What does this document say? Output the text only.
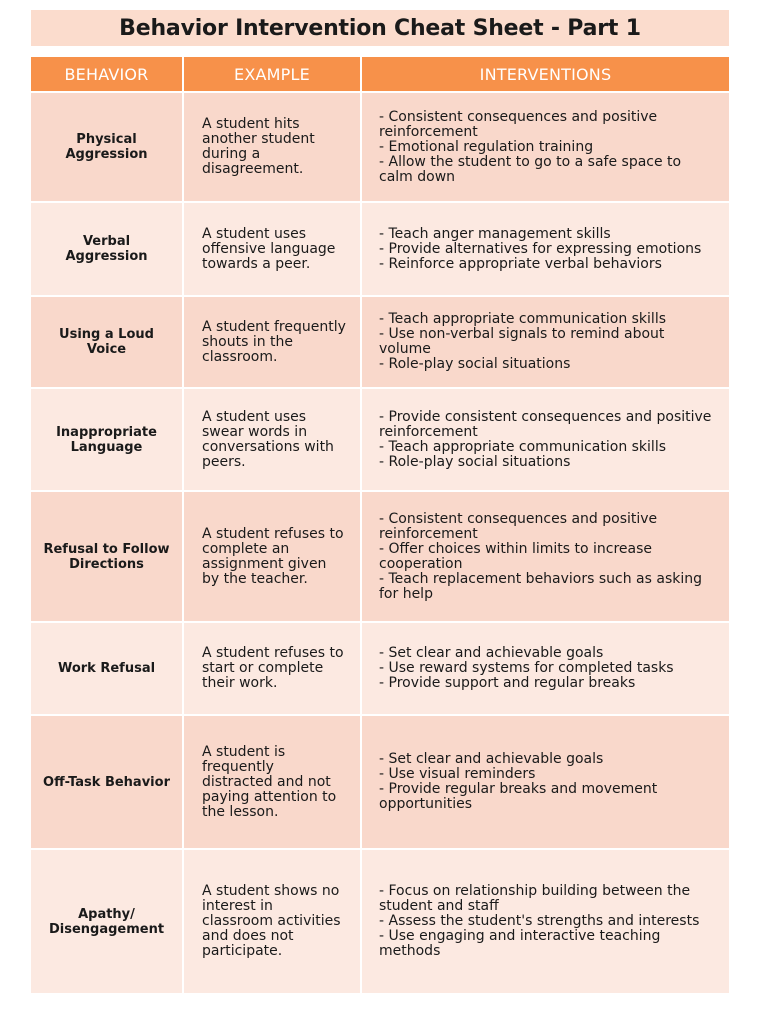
Behavior Intervention Cheat Sheet - Part 1
BEHAVIOR	EXAMPLE	INTERVENTIONS

Physical Aggression	A student hits another student during a disagreement.	- Consistent consequences and positive reinforcement
- Emotional regulation training
- Allow the student to go to a safe space to calm down

Verbal Aggression	A student uses offensive language towards a peer.	- Teach anger management skills
- Provide alternatives for expressing emotions
- Reinforce appropriate verbal behaviors

Using a Loud Voice	A student frequently shouts in the classroom.	- Teach appropriate communication skills
- Use non-verbal signals to remind about volume
- Role-play social situations

Inappropriate Language	A student uses swear words in conversations with peers.	- Provide consistent consequences and positive reinforcement
- Teach appropriate communication skills
- Role-play social situations

Refusal to Follow Directions	A student refuses to complete an assignment given by the teacher.	- Consistent consequences and positive reinforcement
- Offer choices within limits to increase cooperation
- Teach replacement behaviors such as asking for help

Work Refusal	A student refuses to start or complete their work.	- Set clear and achievable goals
- Use reward systems for completed tasks
- Provide support and regular breaks

Off-Task Behavior	A student is frequently distracted and not paying attention to the lesson.	- Set clear and achievable goals
- Use visual reminders
- Provide regular breaks and movement opportunities

Apathy/ Disengagement	A student shows no interest in classroom activities and does not participate.	- Focus on relationship building between the student and staff
- Assess the student's strengths and interests
- Use engaging and interactive teaching methods
